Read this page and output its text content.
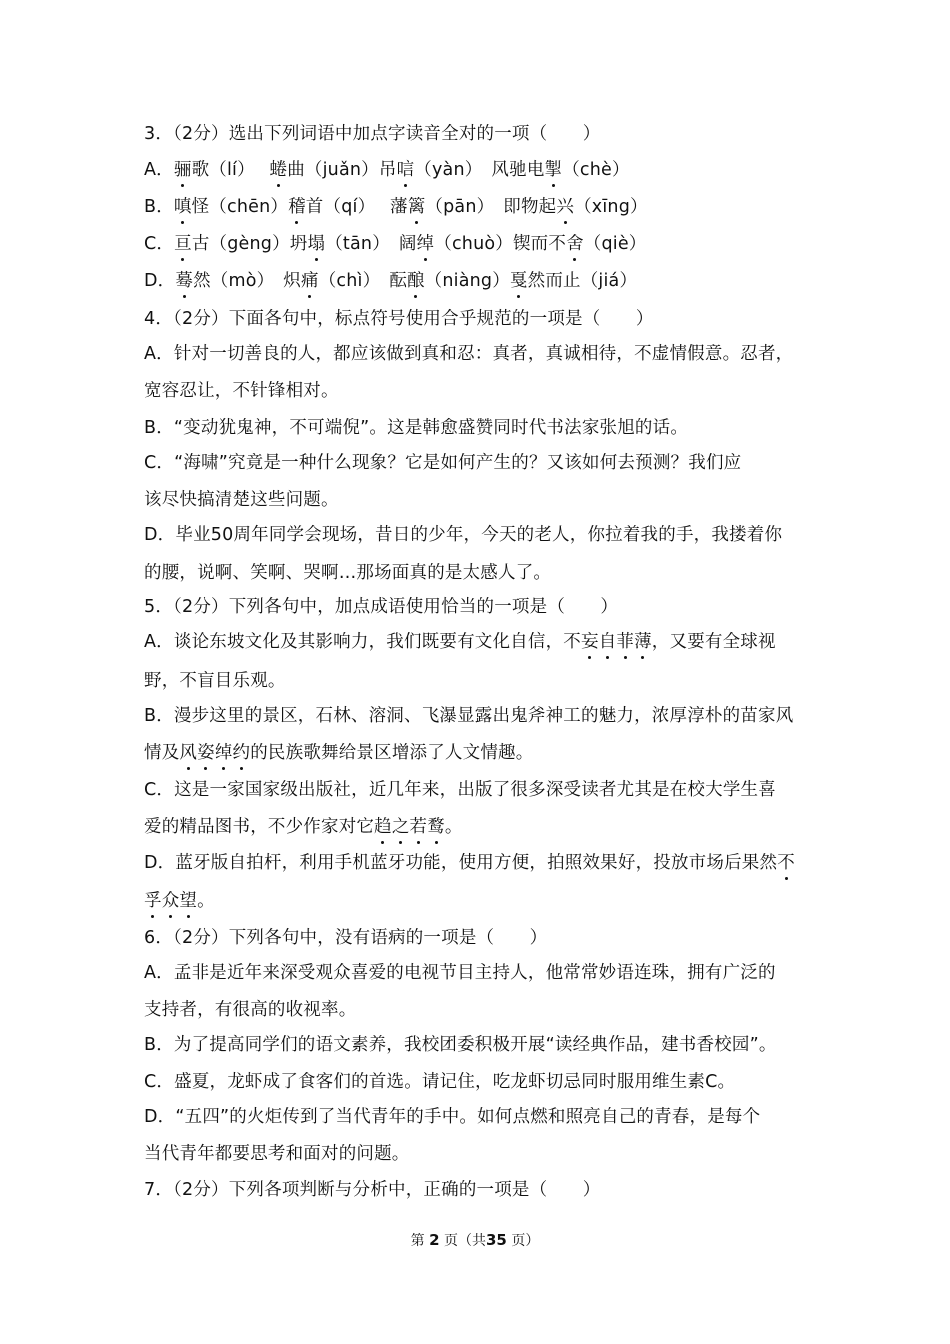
3．（2分）选出下列词语中加点字读音全对的一项（　　）
A．骊歌（lí）　 蜷曲（juǎn）吊唁（yàn）　风驰电掣（chè）
B．嗔怪（chēn）稽首（qí）　 藩篱（pān）　即物起兴（xīng）
C．亘古（gèng）坍塌（tān）　阔绰（chuò）锲而不舍（qiè）
D．蓦然（mò）　炽痛（chì）　酝酿（niàng）戛然而止（jiá）
4．（2分）下面各句中，标点符号使用合乎规范的一项是（　　）
A．针对一切善良的人，都应该做到真和忍：真者，真诚相待，不虚情假意。忍者，
宽容忍让，不针锋相对。
B．“变动犹鬼神，不可端倪”。这是韩愈盛赞同时代书法家张旭的话。
C．“海啸”究竟是一种什么现象？它是如何产生的？又该如何去预测？我们应
该尽快搞清楚这些问题。
D．毕业50周年同学会现场，昔日的少年，今天的老人，你拉着我的手，我搂着你
的腰，说啊、笑啊、哭啊…那场面真的是太感人了。
5．（2分）下列各句中，加点成语使用恰当的一项是（　　）
A．谈论东坡文化及其影响力，我们既要有文化自信，不妄自菲薄，又要有全球视
野，不盲目乐观。
B．漫步这里的景区，石林、溶洞、飞瀑显露出鬼斧神工的魅力，浓厚淳朴的苗家风
情及风姿绰约的民族歌舞给景区增添了人文情趣。
C．这是一家国家级出版社，近几年来，出版了很多深受读者尤其是在校大学生喜
爱的精品图书，不少作家对它趋之若鹜。
D．蓝牙版自拍杆，利用手机蓝牙功能，使用方便，拍照效果好，投放市场后果然不
孚众望。
6．（2分）下列各句中，没有语病的一项是（　　）
A．孟非是近年来深受观众喜爱的电视节目主持人，他常常妙语连珠，拥有广泛的
支持者，有很高的收视率。
B．为了提高同学们的语文素养，我校团委积极开展“读经典作品，建书香校园”。
C．盛夏，龙虾成了食客们的首选。请记住，吃龙虾切忌同时服用维生素C。
D．“五四”的火炬传到了当代青年的手中。如何点燃和照亮自己的青春，是每个
当代青年都要思考和面对的问题。
7．（2分）下列各项判断与分析中，正确的一项是（　　）
第 2 页（共35 页）
